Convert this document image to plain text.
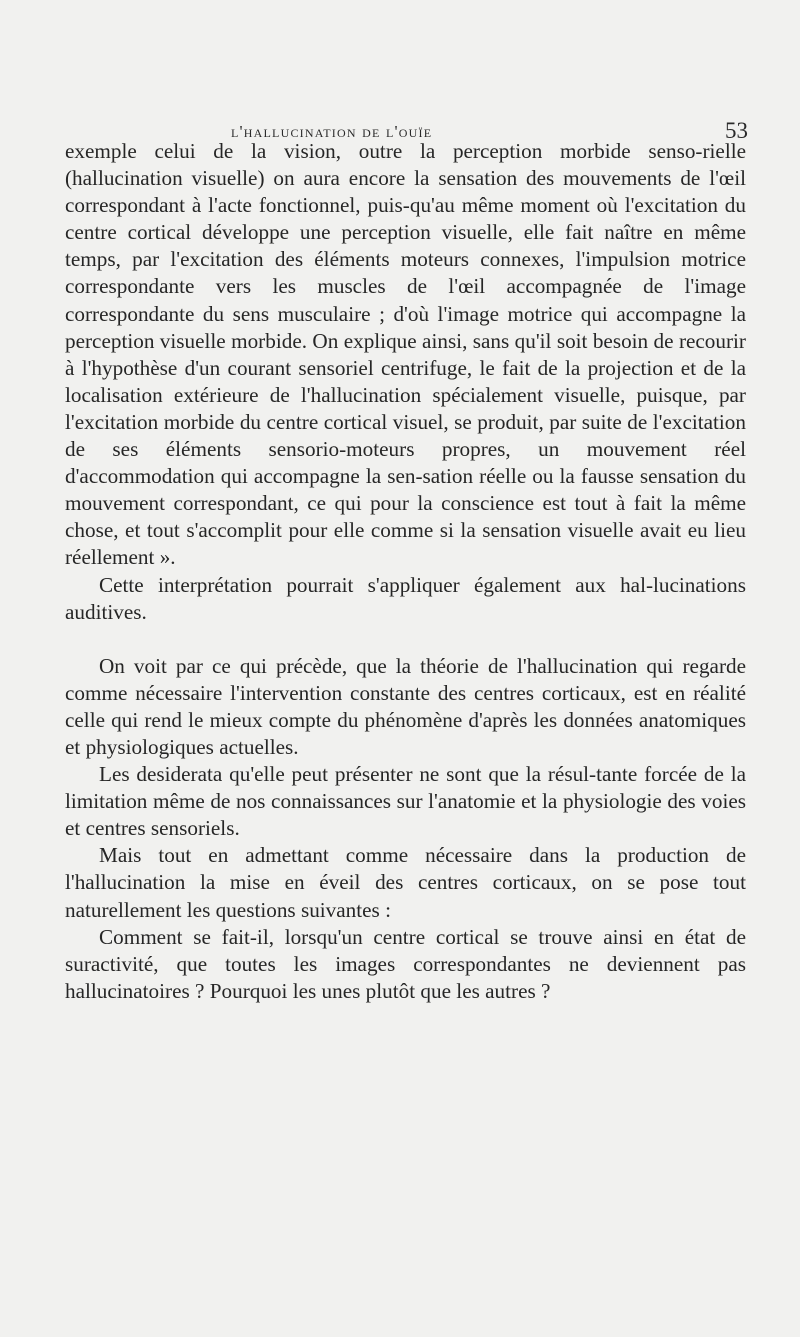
l'hallucination de l'ouïe	53

exemple celui de la vision, outre la perception morbide senso-rielle (hallucination visuelle) on aura encore la sensation des mouvements de l'œil correspondant à l'acte fonctionnel, puis-qu'au même moment où l'excitation du centre cortical développe une perception visuelle, elle fait naître en même temps, par l'excitation des éléments moteurs connexes, l'impulsion motrice correspondante vers les muscles de l'œil accompagnée de l'image correspondante du sens musculaire ; d'où l'image motrice qui accompagne la perception visuelle morbide. On explique ainsi, sans qu'il soit besoin de recourir à l'hypothèse d'un courant sensoriel centrifuge, le fait de la projection et de la localisation extérieure de l'hallucination spécialement visuelle, puisque, par l'excitation morbide du centre cortical visuel, se produit, par suite de l'excitation de ses éléments sensorio-moteurs propres, un mouvement réel d'accommodation qui accompagne la sen-sation réelle ou la fausse sensation du mouvement correspondant, ce qui pour la conscience est tout à fait la même chose, et tout s'accomplit pour elle comme si la sensation visuelle avait eu lieu réellement ».

Cette interprétation pourrait s'appliquer également aux hal-lucinations auditives.

On voit par ce qui précède, que la théorie de l'hallucination qui regarde comme nécessaire l'intervention constante des centres corticaux, est en réalité celle qui rend le mieux compte du phénomène d'après les données anatomiques et physiologiques actuelles.

Les desiderata qu'elle peut présenter ne sont que la résul-tante forcée de la limitation même de nos connaissances sur l'anatomie et la physiologie des voies et centres sensoriels.

Mais tout en admettant comme nécessaire dans la production de l'hallucination la mise en éveil des centres corticaux, on se pose tout naturellement les questions suivantes :

Comment se fait-il, lorsqu'un centre cortical se trouve ainsi en état de suractivité, que toutes les images correspondantes ne deviennent pas hallucinatoires ? Pourquoi les unes plutôt que les autres ?
